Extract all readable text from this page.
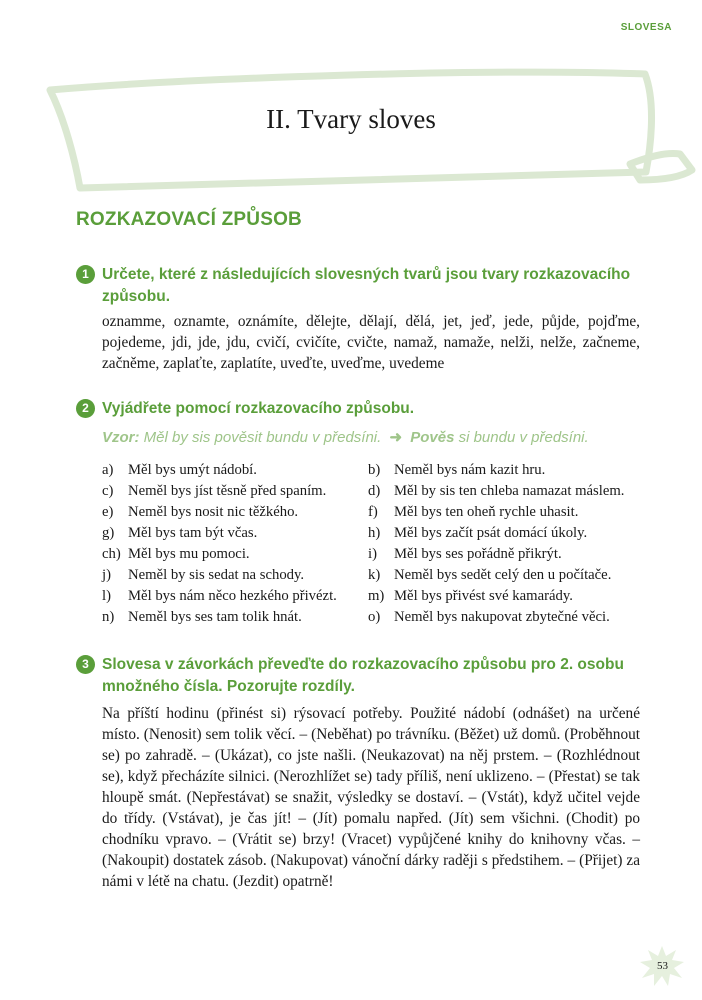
SLOVESA
II. Tvary sloves
ROZKAZOVACÍ ZPŮSOB
1 Určete, které z následujících slovesných tvarů jsou tvary rozkazovacího způsobu.
oznamme, oznamte, oznámíte, dělejte, dělají, dělá, jet, jeď, jede, půjde, pojďme, pojedeme, jdi, jde, jdu, cvičí, cvičíte, cvičte, namaž, namaže, nelži, nelže, začneme, začněme, zaplaťte, zaplatíte, uveďte, uveďme, uvedeme
2 Vyjádřete pomocí rozkazovacího způsobu.
Vzor: Měl by sis pověsit bundu v předsíni. ➜ Pověs si bundu v předsíni.
a) Měl bys umýt nádobí.	b) Neměl bys nám kazit hru.
c) Neměl bys jíst těsně před spaním.	d) Měl by sis ten chleba namazat máslem.
e) Neměl bys nosit nic těžkého.	f)	Měl bys ten oheň rychle uhasit.
g) Měl bys tam být včas.	h) Měl bys začít psát domácí úkoly.
ch) Měl bys mu pomoci.	i)	Měl bys ses pořádně přikrýt.
j)	Neměl by sis sedat na schody.	k) Neměl bys sedět celý den u počítače.
l)	Měl bys nám něco hezkého přivézt. m) Měl bys přivést své kamarády.
n) Neměl bys ses tam tolik hnát.	o) Neměl bys nakupovat zbytečné věci.
3 Slovesa v závorkách převeďte do rozkazovacího způsobu pro 2. osobu množného čísla. Pozorujte rozdíly.
Na příští hodinu (přinést si) rýsovací potřeby. Použité nádobí (odnášet) na určené místo. (Nenosit) sem tolik věcí. – (Neběhat) po trávníku. (Běžet) už domů. (Proběhnout se) po zahradě. – (Ukázat), co jste našli. (Neukazovat) na něj prstem. – (Rozhlédnout se), když přecházíte silnici. (Nerozhlížet se) tady příliš, není uklizeno. – (Přestat) se tak hloupě smát. (Nepřestávat) se snažit, výsledky se dostaví. – (Vstát), když učitel vejde do třídy. (Vstávat), je čas jít! – (Jít) pomalu napřed. (Jít) sem všichni. (Chodit) po chodníku vpravo. – (Vrátit se) brzy! (Vracet) vypůjčené knihy do knihovny včas. – (Nakoupit) dostatek zásob. (Nakupovat) vánoční dárky raději s předstihem. – (Přijet) za námi v létě na chatu. (Jezdit) opatrně!
53
